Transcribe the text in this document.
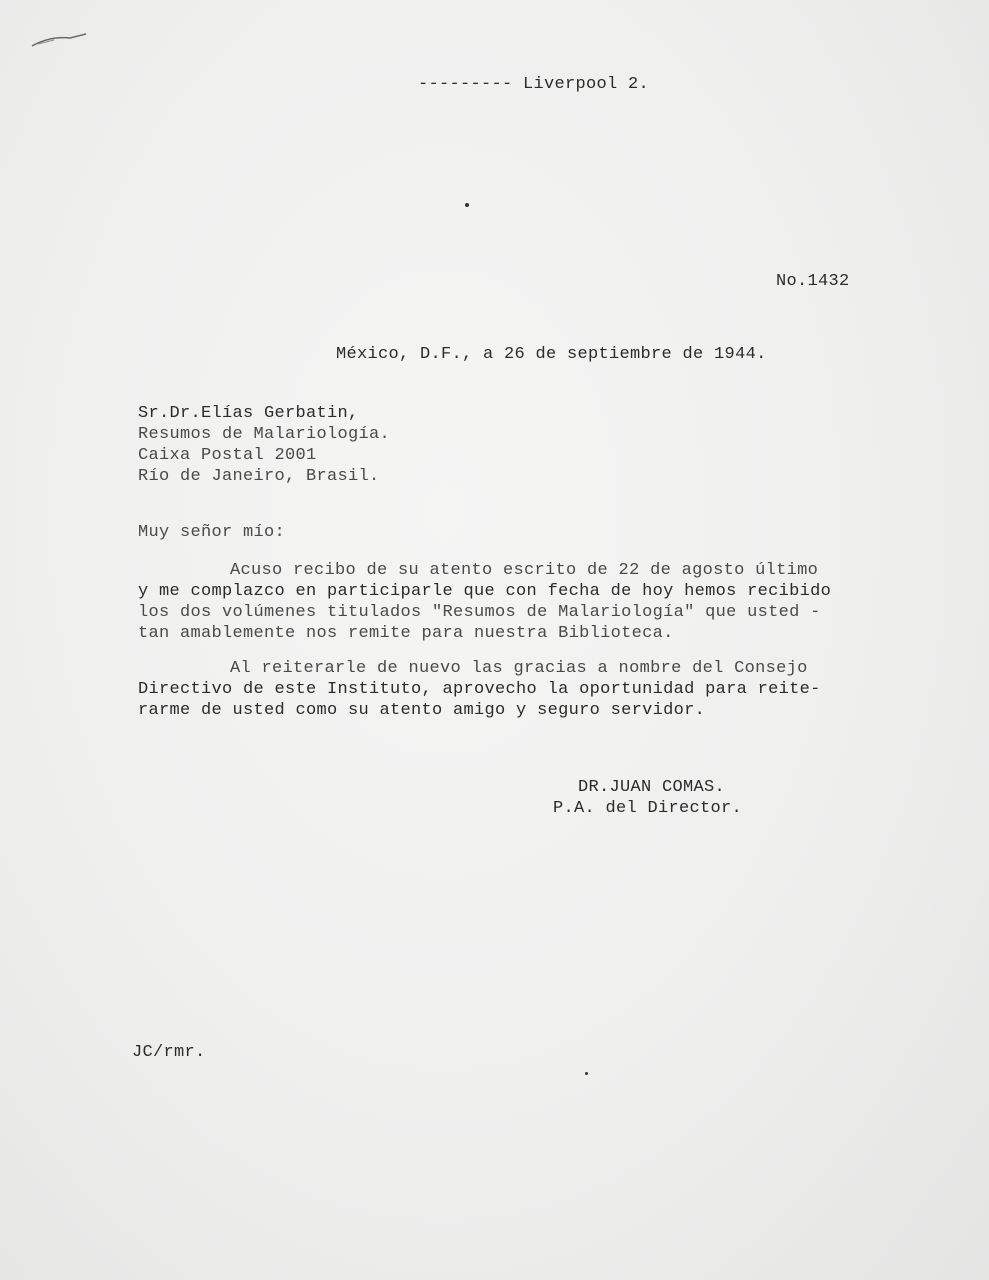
--------- Liverpool 2.
No.1432
México, D.F., a 26 de septiembre de 1944.
Sr.Dr.Elías Gerbatin,
Resumos de Malariología.
Caixa Postal 2001
Río de Janeiro, Brasil.
Muy señor mío:
Acuso recibo de su atento escrito de 22 de agosto último
y me complazco en participarle que con fecha de hoy hemos recibido
los dos volúmenes titulados "Resumos de Malariología" que usted -
tan amablemente nos remite para nuestra Biblioteca.
Al reiterarle de nuevo las gracias a nombre del Consejo
Directivo de este Instituto, aprovecho la oportunidad para reite-
rarme de usted como su atento amigo y seguro servidor.
DR.JUAN COMAS.
P.A. del Director.
JC/rmr.
